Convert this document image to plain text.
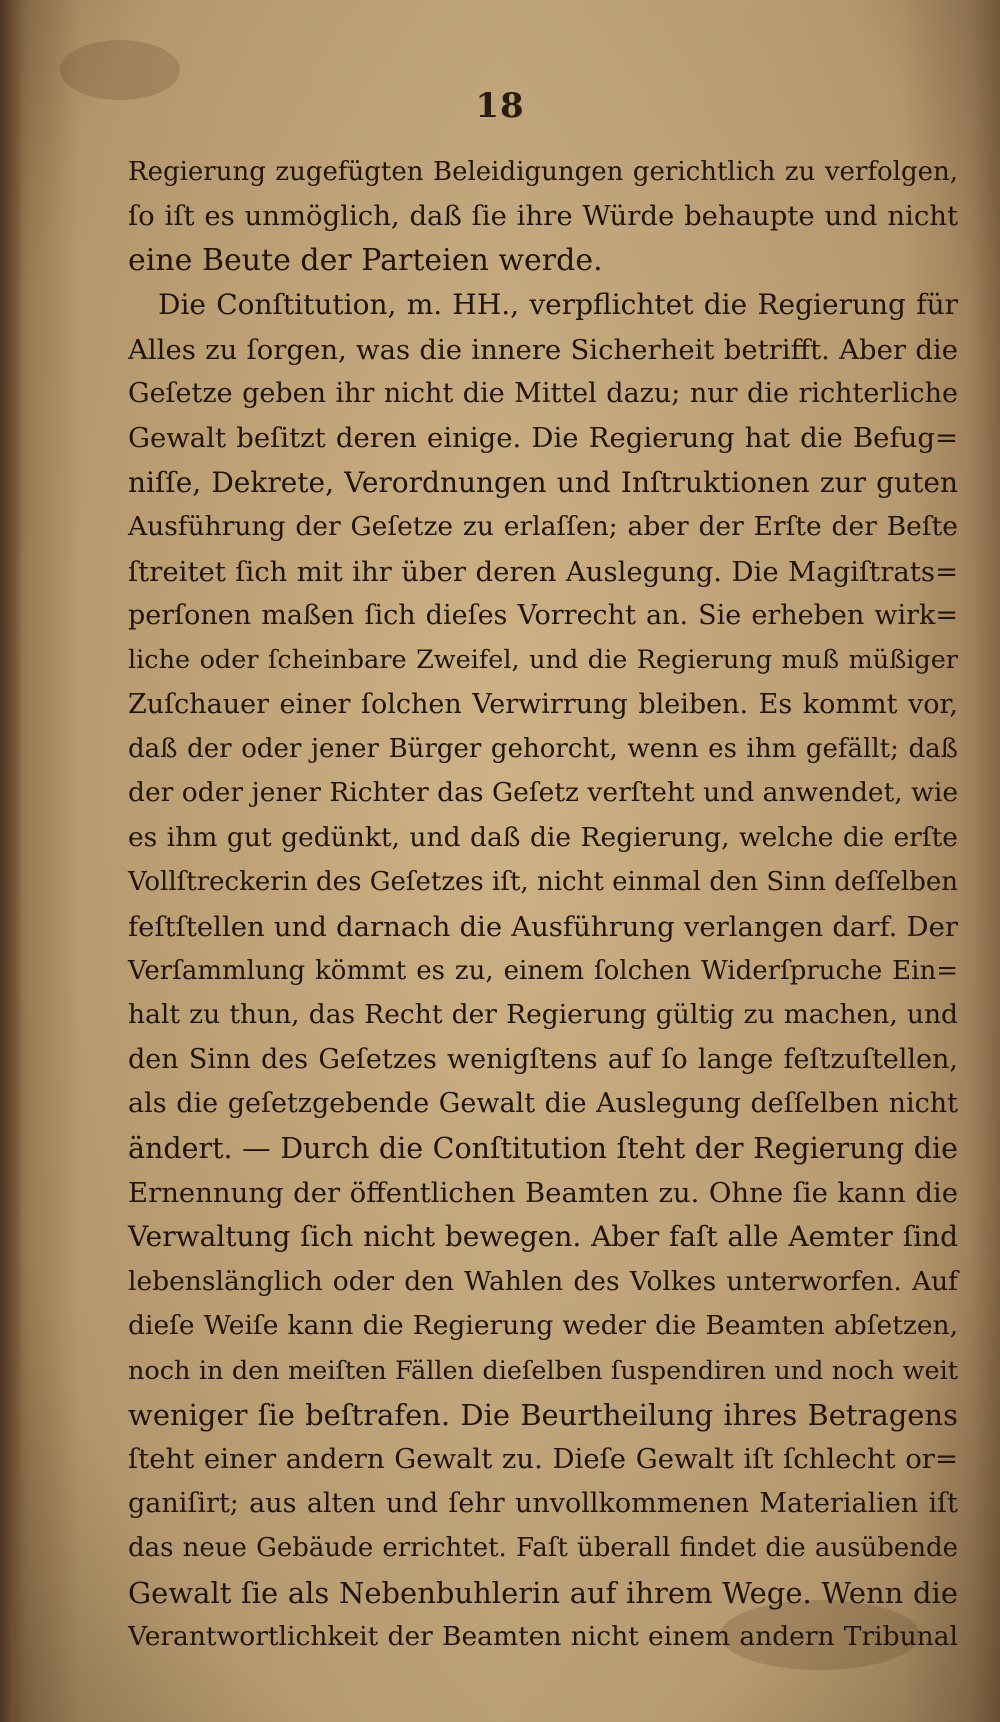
18
Regierung zugefügten Beleidigungen gerichtlich zu verfolgen,
ſo iſt es unmöglich, daß ſie ihre Würde behaupte und nicht
eine Beute der Parteien werde.
Die Conſtitution, m. HH., verpflichtet die Regierung für
Alles zu ſorgen, was die innere Sicherheit betrifft. Aber die
Geſetze geben ihr nicht die Mittel dazu; nur die richterliche
Gewalt beſitzt deren einige. Die Regierung hat die Befug=
niſſe, Dekrete, Verordnungen und Inſtruktionen zur guten
Ausführung der Geſetze zu erlaſſen; aber der Erſte der Beſte
ſtreitet ſich mit ihr über deren Auslegung. Die Magiſtrats=
perſonen maßen ſich dieſes Vorrecht an. Sie erheben wirk=
liche oder ſcheinbare Zweifel, und die Regierung muß müßiger
Zuſchauer einer ſolchen Verwirrung bleiben. Es kommt vor,
daß der oder jener Bürger gehorcht, wenn es ihm gefällt; daß
der oder jener Richter das Geſetz verſteht und anwendet, wie
es ihm gut gedünkt, und daß die Regierung, welche die erſte
Vollſtreckerin des Geſetzes iſt, nicht einmal den Sinn deſſelben
feſtſtellen und darnach die Ausführung verlangen darf. Der
Verſammlung kömmt es zu, einem ſolchen Widerſpruche Ein=
halt zu thun, das Recht der Regierung gültig zu machen, und
den Sinn des Geſetzes wenigſtens auf ſo lange feſtzuſtellen,
als die geſetzgebende Gewalt die Auslegung deſſelben nicht
ändert. — Durch die Conſtitution ſteht der Regierung die
Ernennung der öffentlichen Beamten zu. Ohne ſie kann die
Verwaltung ſich nicht bewegen. Aber faſt alle Aemter ſind
lebenslänglich oder den Wahlen des Volkes unterworfen. Auf
dieſe Weiſe kann die Regierung weder die Beamten abſetzen,
noch in den meiſten Fällen dieſelben ſuspendiren und noch weit
weniger ſie beſtrafen. Die Beurtheilung ihres Betragens
ſteht einer andern Gewalt zu. Dieſe Gewalt iſt ſchlecht or=
ganiſirt; aus alten und ſehr unvollkommenen Materialien iſt
das neue Gebäude errichtet. Faſt überall findet die ausübende
Gewalt ſie als Nebenbuhlerin auf ihrem Wege. Wenn die
Verantwortlichkeit der Beamten nicht einem andern Tribunal
